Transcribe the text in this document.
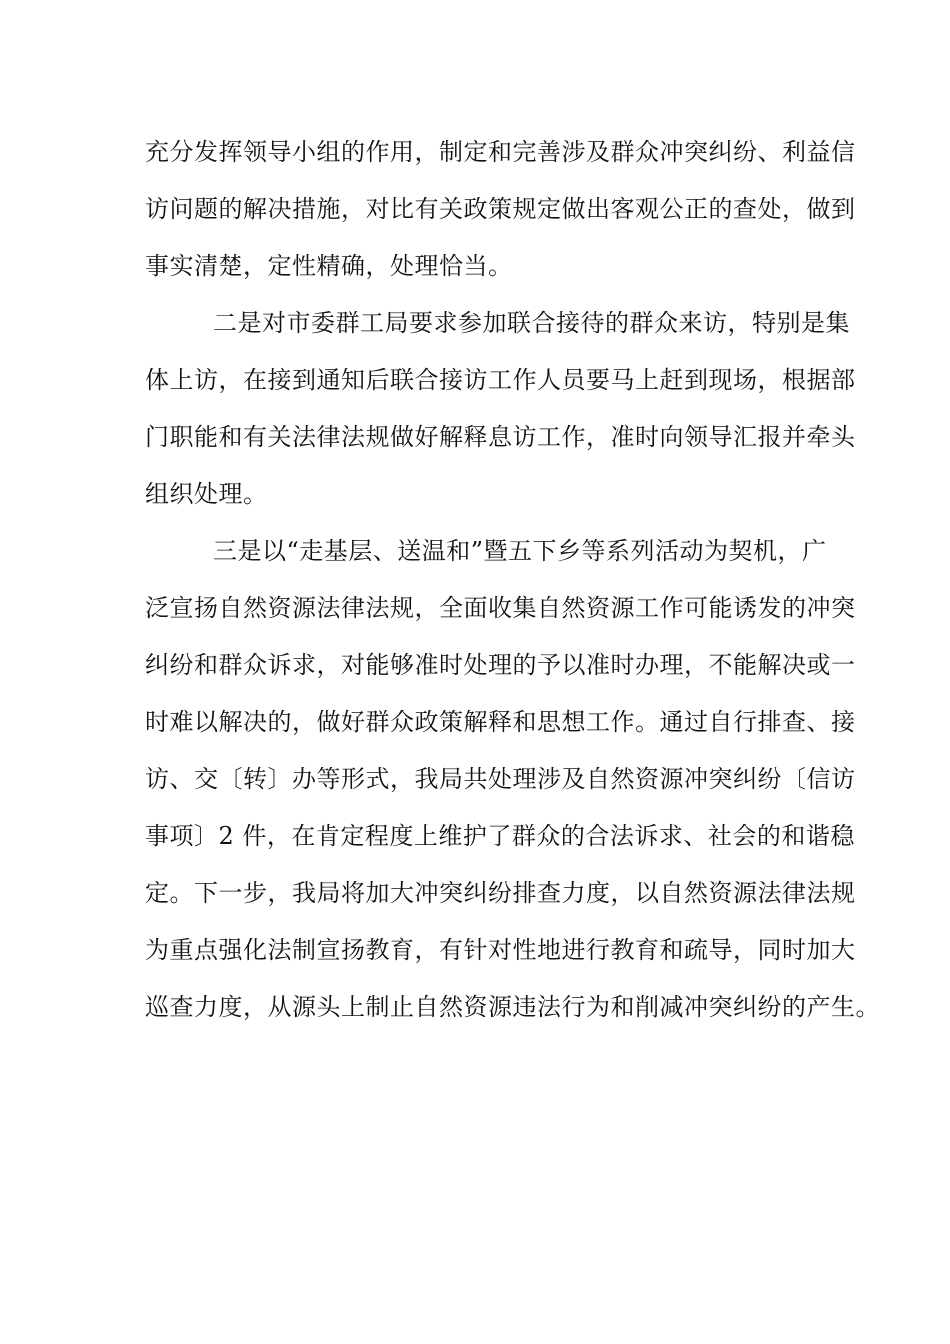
充分发挥领导小组的作用，制定和完善涉及群众冲突纠纷、利益信
访问题的解决措施，对比有关政策规定做出客观公正的查处，做到
事实清楚，定性精确，处理恰当。
二是对市委群工局要求参加联合接待的群众来访，特别是集
体上访，在接到通知后联合接访工作人员要马上赶到现场，根据部
门职能和有关法律法规做好解释息访工作，准时向领导汇报并牵头
组织处理。
三是以“走基层、送温和”暨五下乡等系列活动为契机，广
泛宣扬自然资源法律法规，全面收集自然资源工作可能诱发的冲突
纠纷和群众诉求，对能够准时处理的予以准时办理，不能解决或一
时难以解决的，做好群众政策解释和思想工作。通过自行排查、接
访、交〔转〕办等形式，我局共处理涉及自然资源冲突纠纷〔信访
事项〕2 件，在肯定程度上维护了群众的合法诉求、社会的和谐稳
定。下一步，我局将加大冲突纠纷排查力度，以自然资源法律法规
为重点强化法制宣扬教育，有针对性地进行教育和疏导，同时加大
巡查力度，从源头上制止自然资源违法行为和削减冲突纠纷的产生。
